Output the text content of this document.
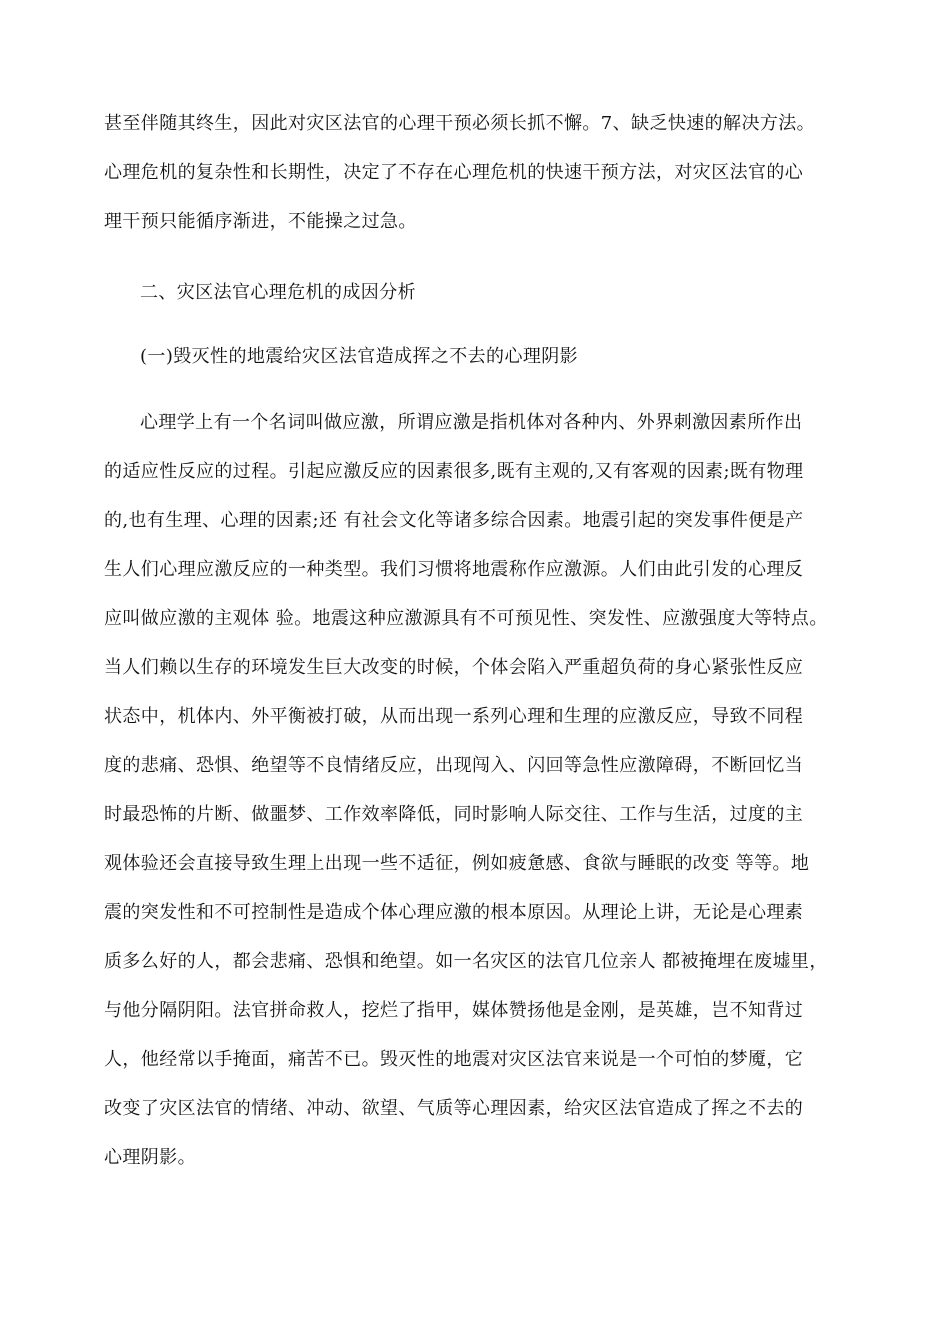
甚至伴随其终生，因此对灾区法官的心理干预必须长抓不懈。7、缺乏快速的解决方法。
心理危机的复杂性和长期性，决定了不存在心理危机的快速干预方法，对灾区法官的心
理干预只能循序渐进，不能操之过急。
二、灾区法官心理危机的成因分析
(一)毁灭性的地震给灾区法官造成挥之不去的心理阴影
心理学上有一个名词叫做应激，所谓应激是指机体对各种内、外界刺激因素所作出
的适应性反应的过程。引起应激反应的因素很多,既有主观的,又有客观的因素;既有物理
的,也有生理、心理的因素;还 有社会文化等诸多综合因素。地震引起的突发事件便是产
生人们心理应激反应的一种类型。我们习惯将地震称作应激源。人们由此引发的心理反
应叫做应激的主观体 验。地震这种应激源具有不可预见性、突发性、应激强度大等特点。
当人们赖以生存的环境发生巨大改变的时候，个体会陷入严重超负荷的身心紧张性反应
状态中，机体内、外平衡被打破，从而出现一系列心理和生理的应激反应，导致不同程
度的悲痛、恐惧、绝望等不良情绪反应，出现闯入、闪回等急性应激障碍，不断回忆当
时最恐怖的片断、做噩梦、工作效率降低，同时影响人际交往、工作与生活，过度的主
观体验还会直接导致生理上出现一些不适征，例如疲惫感、食欲与睡眠的改变 等等。地
震的突发性和不可控制性是造成个体心理应激的根本原因。从理论上讲，无论是心理素
质多么好的人，都会悲痛、恐惧和绝望。如一名灾区的法官几位亲人 都被掩埋在废墟里，
与他分隔阴阳。法官拼命救人，挖烂了指甲，媒体赞扬他是金刚，是英雄，岂不知背过
人，他经常以手掩面，痛苦不已。毁灭性的地震对灾区法官来说是一个可怕的梦魇，它
改变了灾区法官的情绪、冲动、欲望、气质等心理因素，给灾区法官造成了挥之不去的
心理阴影。
